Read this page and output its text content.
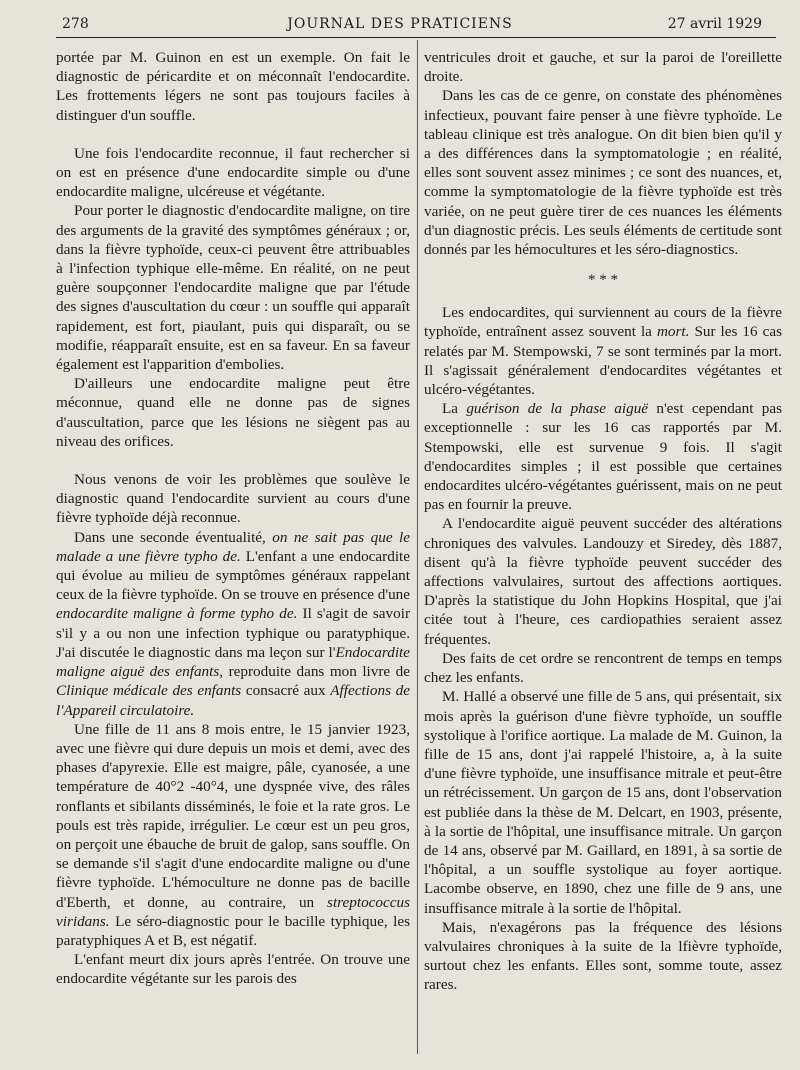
278	JOURNAL DES PRATICIENS	27 avril 1929

portée par M. Guinon en est un exemple. On fait le diagnostic de péricardite et on méconnaît l'endocardite. Les frottements légers ne sont pas toujours faciles à distinguer d'un souffle.

Une fois l'endocardite reconnue, il faut rechercher si on est en présence d'une endocardite simple ou d'une endocardite maligne, ulcéreuse et végétante.

Pour porter le diagnostic d'endocardite maligne, on tire des arguments de la gravité des symptômes généraux ; or, dans la fièvre typhoïde, ceux-ci peuvent être attribuables à l'infection typhique elle-même. En réalité, on ne peut guère soupçonner l'endocardite maligne que par l'étude des signes d'auscultation du cœur : un souffle qui apparaît rapidement, est fort, piaulant, puis qui disparaît, ou se modifie, réapparaît ensuite, est en sa faveur. En sa faveur également est l'apparition d'embolies.

D'ailleurs une endocardite maligne peut être méconnue, quand elle ne donne pas de signes d'auscultation, parce que les lésions ne siègent pas au niveau des orifices.

Nous venons de voir les problèmes que soulève le diagnostic quand l'endocardite survient au cours d'une fièvre typhoïde déjà reconnue.

Dans une seconde éventualité, on ne sait pas que le malade a une fièvre typho de. L'enfant a une endocardite qui évolue au milieu de symptômes généraux rappelant ceux de la fièvre typhoïde. On se trouve en présence d'une endocardite maligne à forme typho de. Il s'agit de savoir s'il y a ou non une infection typhique ou paratyphique. J'ai discutée le diagnostic dans ma leçon sur l'Endocardite maligne aiguë des enfants, reproduite dans mon livre de Clinique médicale des enfants consacré aux Affections de l'Appareil circulatoire.

Une fille de 11 ans 8 mois entre, le 15 janvier 1923, avec une fièvre qui dure depuis un mois et demi, avec des phases d'apyrexie. Elle est maigre, pâle, cyanosée, a une température de 40°2 -40°4, une dyspnée vive, des râles ronflants et sibilants disséminés, le foie et la rate gros. Le pouls est très rapide, irrégulier. Le cœur est un peu gros, on perçoit une ébauche de bruit de galop, sans souffle. On se demande s'il s'agit d'une endocardite maligne ou d'une fièvre typhoïde. L'hémoculture ne donne pas de bacille d'Eberth, et donne, au contraire, un streptococcus viridans. Le séro-diagnostic pour le bacille typhique, les paratyphiques A et B, est négatif.

L'enfant meurt dix jours après l'entrée. On trouve une endocardite végétante sur les parois des

ventricules droit et gauche, et sur la paroi de l'oreillette droite.

Dans les cas de ce genre, on constate des phénomènes infectieux, pouvant faire penser à une fièvre typhoïde. Le tableau clinique est très analogue. On dit bien bien qu'il y a des différences dans la symptomatologie ; en réalité, elles sont souvent assez minimes ; ce sont des nuances, et, comme la symptomatologie de la fièvre typhoïde est très variée, on ne peut guère tirer de ces nuances les éléments d'un diagnostic précis. Les seuls éléments de certitude sont donnés par les hémocultures et les séro-diagnostics.

* * *

Les endocardites, qui surviennent au cours de la fièvre typhoïde, entraînent assez souvent la mort. Sur les 16 cas relatés par M. Stempowski, 7 se sont terminés par la mort. Il s'agissait généralement d'endocardites végétantes et ulcéro-végétantes.

La guérison de la phase aiguë n'est cependant pas exceptionnelle : sur les 16 cas rapportés par M. Stempowski, elle est survenue 9 fois. Il s'agit d'endocardites simples ; il est possible que certaines endocardites ulcéro-végétantes guérissent, mais on ne peut pas en fournir la preuve.

A l'endocardite aiguë peuvent succéder des altérations chroniques des valvules. Landouzy et Siredey, dès 1887, disent qu'à la fièvre typhoïde peuvent succéder des affections valvulaires, surtout des affections aortiques. D'après la statistique du John Hopkins Hospital, que j'ai citée tout à l'heure, ces cardiopathies seraient assez fréquentes.

Des faits de cet ordre se rencontrent de temps en temps chez les enfants.

M. Hallé a observé une fille de 5 ans, qui présentait, six mois après la guérison d'une fièvre typhoïde, un souffle systolique à l'orifice aortique. La malade de M. Guinon, la fille de 15 ans, dont j'ai rappelé l'histoire, a, à la suite d'une fièvre typhoïde, une insuffisance mitrale et peut-être un rétrécissement. Un garçon de 15 ans, dont l'observation est publiée dans la thèse de M. Delcart, en 1903, présente, à la sortie de l'hôpital, une insuffisance mitrale. Un garçon de 14 ans, observé par M. Gaillard, en 1891, à sa sortie de l'hôpital, a un souffle systolique au foyer aortique. Lacombe observe, en 1890, chez une fille de 9 ans, une insuffisance mitrale à la sortie de l'hôpital.

Mais, n'exagérons pas la fréquence des lésions valvulaires chroniques à la suite de la lfièvre typhoïde, surtout chez les enfants. Elles sont, somme toute, assez rares.
